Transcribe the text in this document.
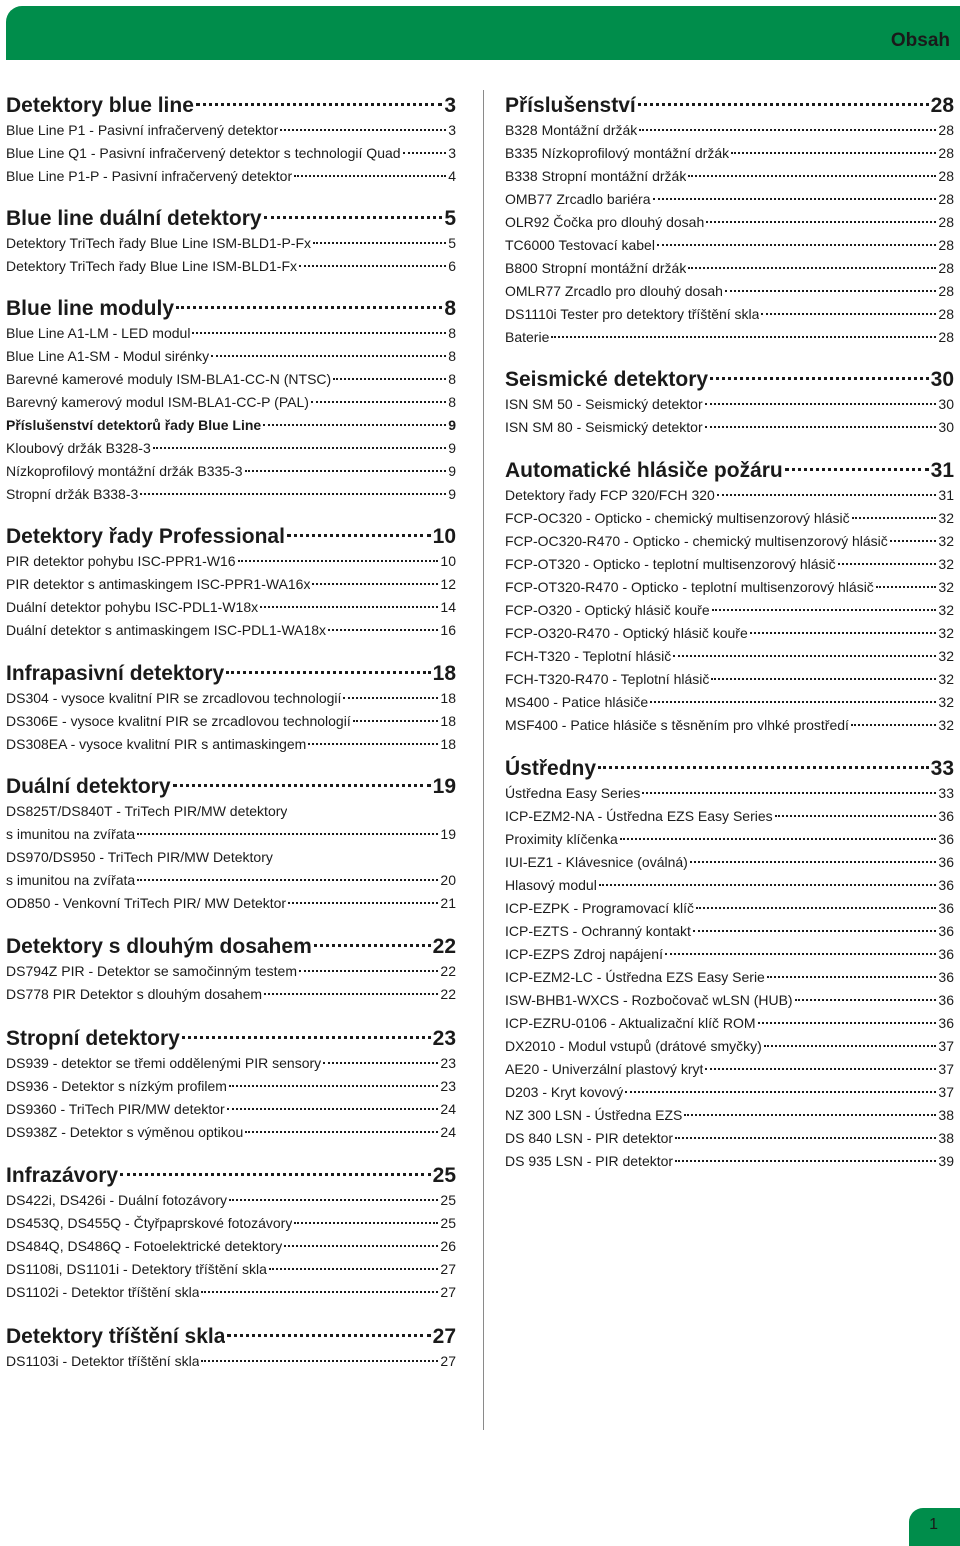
Obsah
Detektory blue line	3
Blue Line P1 - Pasivní infračervený detektor	3
Blue Line Q1 - Pasivní infračervený detektor s technologií Quad	3
Blue Line P1-P - Pasivní infračervený detektor	4
Blue line duální detektory	5
Detektory TriTech řady Blue Line ISM-BLD1-P-Fx	5
Detektory TriTech řady Blue Line ISM-BLD1-Fx	6
Blue line moduly	8
Blue Line A1-LM - LED modul	8
Blue Line A1-SM - Modul sirénky	8
Barevné kamerové moduly ISM-BLA1-CC-N (NTSC)	8
Barevný kamerový modul ISM-BLA1-CC-P (PAL)	8
Příslušenství detektorů řady Blue Line	9
Kloubový držák B328-3	9
Nízkoprofilový montážní držák B335-3	9
Stropní držák B338-3	9
Detektory řady Professional	10
PIR detektor pohybu ISC-PPR1-W16	10
PIR detektor s antimaskingem ISC-PPR1-WA16x	12
Duální detektor pohybu ISC-PDL1-W18x	14
Duální detektor s antimaskingem ISC-PDL1-WA18x	16
Infrapasivní detektory	18
DS304 - vysoce kvalitní PIR se zrcadlovou technologií	18
DS306E - vysoce kvalitní PIR se zrcadlovou technologií	18
DS308EA - vysoce kvalitní PIR s antimaskingem	18
Duální detektory	19
DS825T/DS840T - TriTech PIR/MW detektory
s imunitou na zvířata	19
DS970/DS950 - TriTech PIR/MW Detektory
s imunitou na zvířata	20
OD850 - Venkovní TriTech PIR/ MW Detektor	21
Detektory s dlouhým dosahem	22
DS794Z PIR - Detektor se samočinným testem	22
DS778 PIR Detektor s dlouhým dosahem	22
Stropní detektory	23
DS939 - detektor se třemi oddělenými PIR sensory	23
DS936 - Detektor s nízkým profilem	23
DS9360 - TriTech PIR/MW detektor	24
DS938Z - Detektor s výměnou optikou	24
Infrazávory	25
DS422i, DS426i - Duální fotozávory	25
DS453Q, DS455Q - Čtyřpaprskové fotozávory	25
DS484Q, DS486Q - Fotoelektrické detektory	26
DS1108i, DS1101i - Detektory tříštění skla	27
DS1102i - Detektor tříštění skla	27
Detektory tříštění skla	27
DS1103i - Detektor tříštění skla	27
Příslušenství	28
B328 Montážní držák	28
B335 Nízkoprofilový montážní držák	28
B338 Stropní montážní držák	28
OMB77 Zrcadlo bariéra	28
OLR92 Čočka pro dlouhý dosah	28
TC6000 Testovací kabel	28
B800 Stropní montážní držák	28
OMLR77 Zrcadlo pro dlouhý dosah	28
DS1110i Tester pro detektory tříštění skla	28
Baterie	28
Seismické detektory	30
ISN SM 50 - Seismický detektor	30
ISN SM 80 - Seismický detektor	30
Automatické hlásiče požáru	31
Detektory řady FCP 320/FCH 320	31
FCP-OC320 - Opticko - chemický multisenzorový hlásič	32
FCP-OC320-R470 - Opticko - chemický multisenzorový hlásič	32
FCP-OT320 - Opticko - teplotní multisenzorový hlásič	32
FCP-OT320-R470 - Opticko - teplotní multisenzorový hlásič	32
FCP-O320 - Optický hlásič kouře	32
FCP-O320-R470 - Optický hlásič kouře	32
FCH-T320 - Teplotní hlásič	32
FCH-T320-R470 - Teplotní hlásič	32
MS400 - Patice hlásiče	32
MSF400 - Patice hlásiče s těsněním pro vlhké prostředí	32
Ústředny	33
Ústředna Easy Series	33
ICP-EZM2-NA - Ústředna EZS Easy Series	36
Proximity klíčenka	36
IUI-EZ1 - Klávesnice (oválná)	36
Hlasový modul	36
ICP-EZPK - Programovací klíč	36
ICP-EZTS - Ochranný kontakt	36
ICP-EZPS Zdroj napájení	36
ICP-EZM2-LC - Ústředna EZS Easy Serie	36
ISW-BHB1-WXCS - Rozbočovač wLSN (HUB)	36
ICP-EZRU-0106 - Aktualizační klíč ROM	36
DX2010 - Modul vstupů (drátové smyčky)	37
AE20 - Univerzální plastový kryt	37
D203 - Kryt kovový	37
NZ 300 LSN - Ústředna EZS	38
DS 840 LSN - PIR detektor	38
DS 935 LSN - PIR detektor	39
1
